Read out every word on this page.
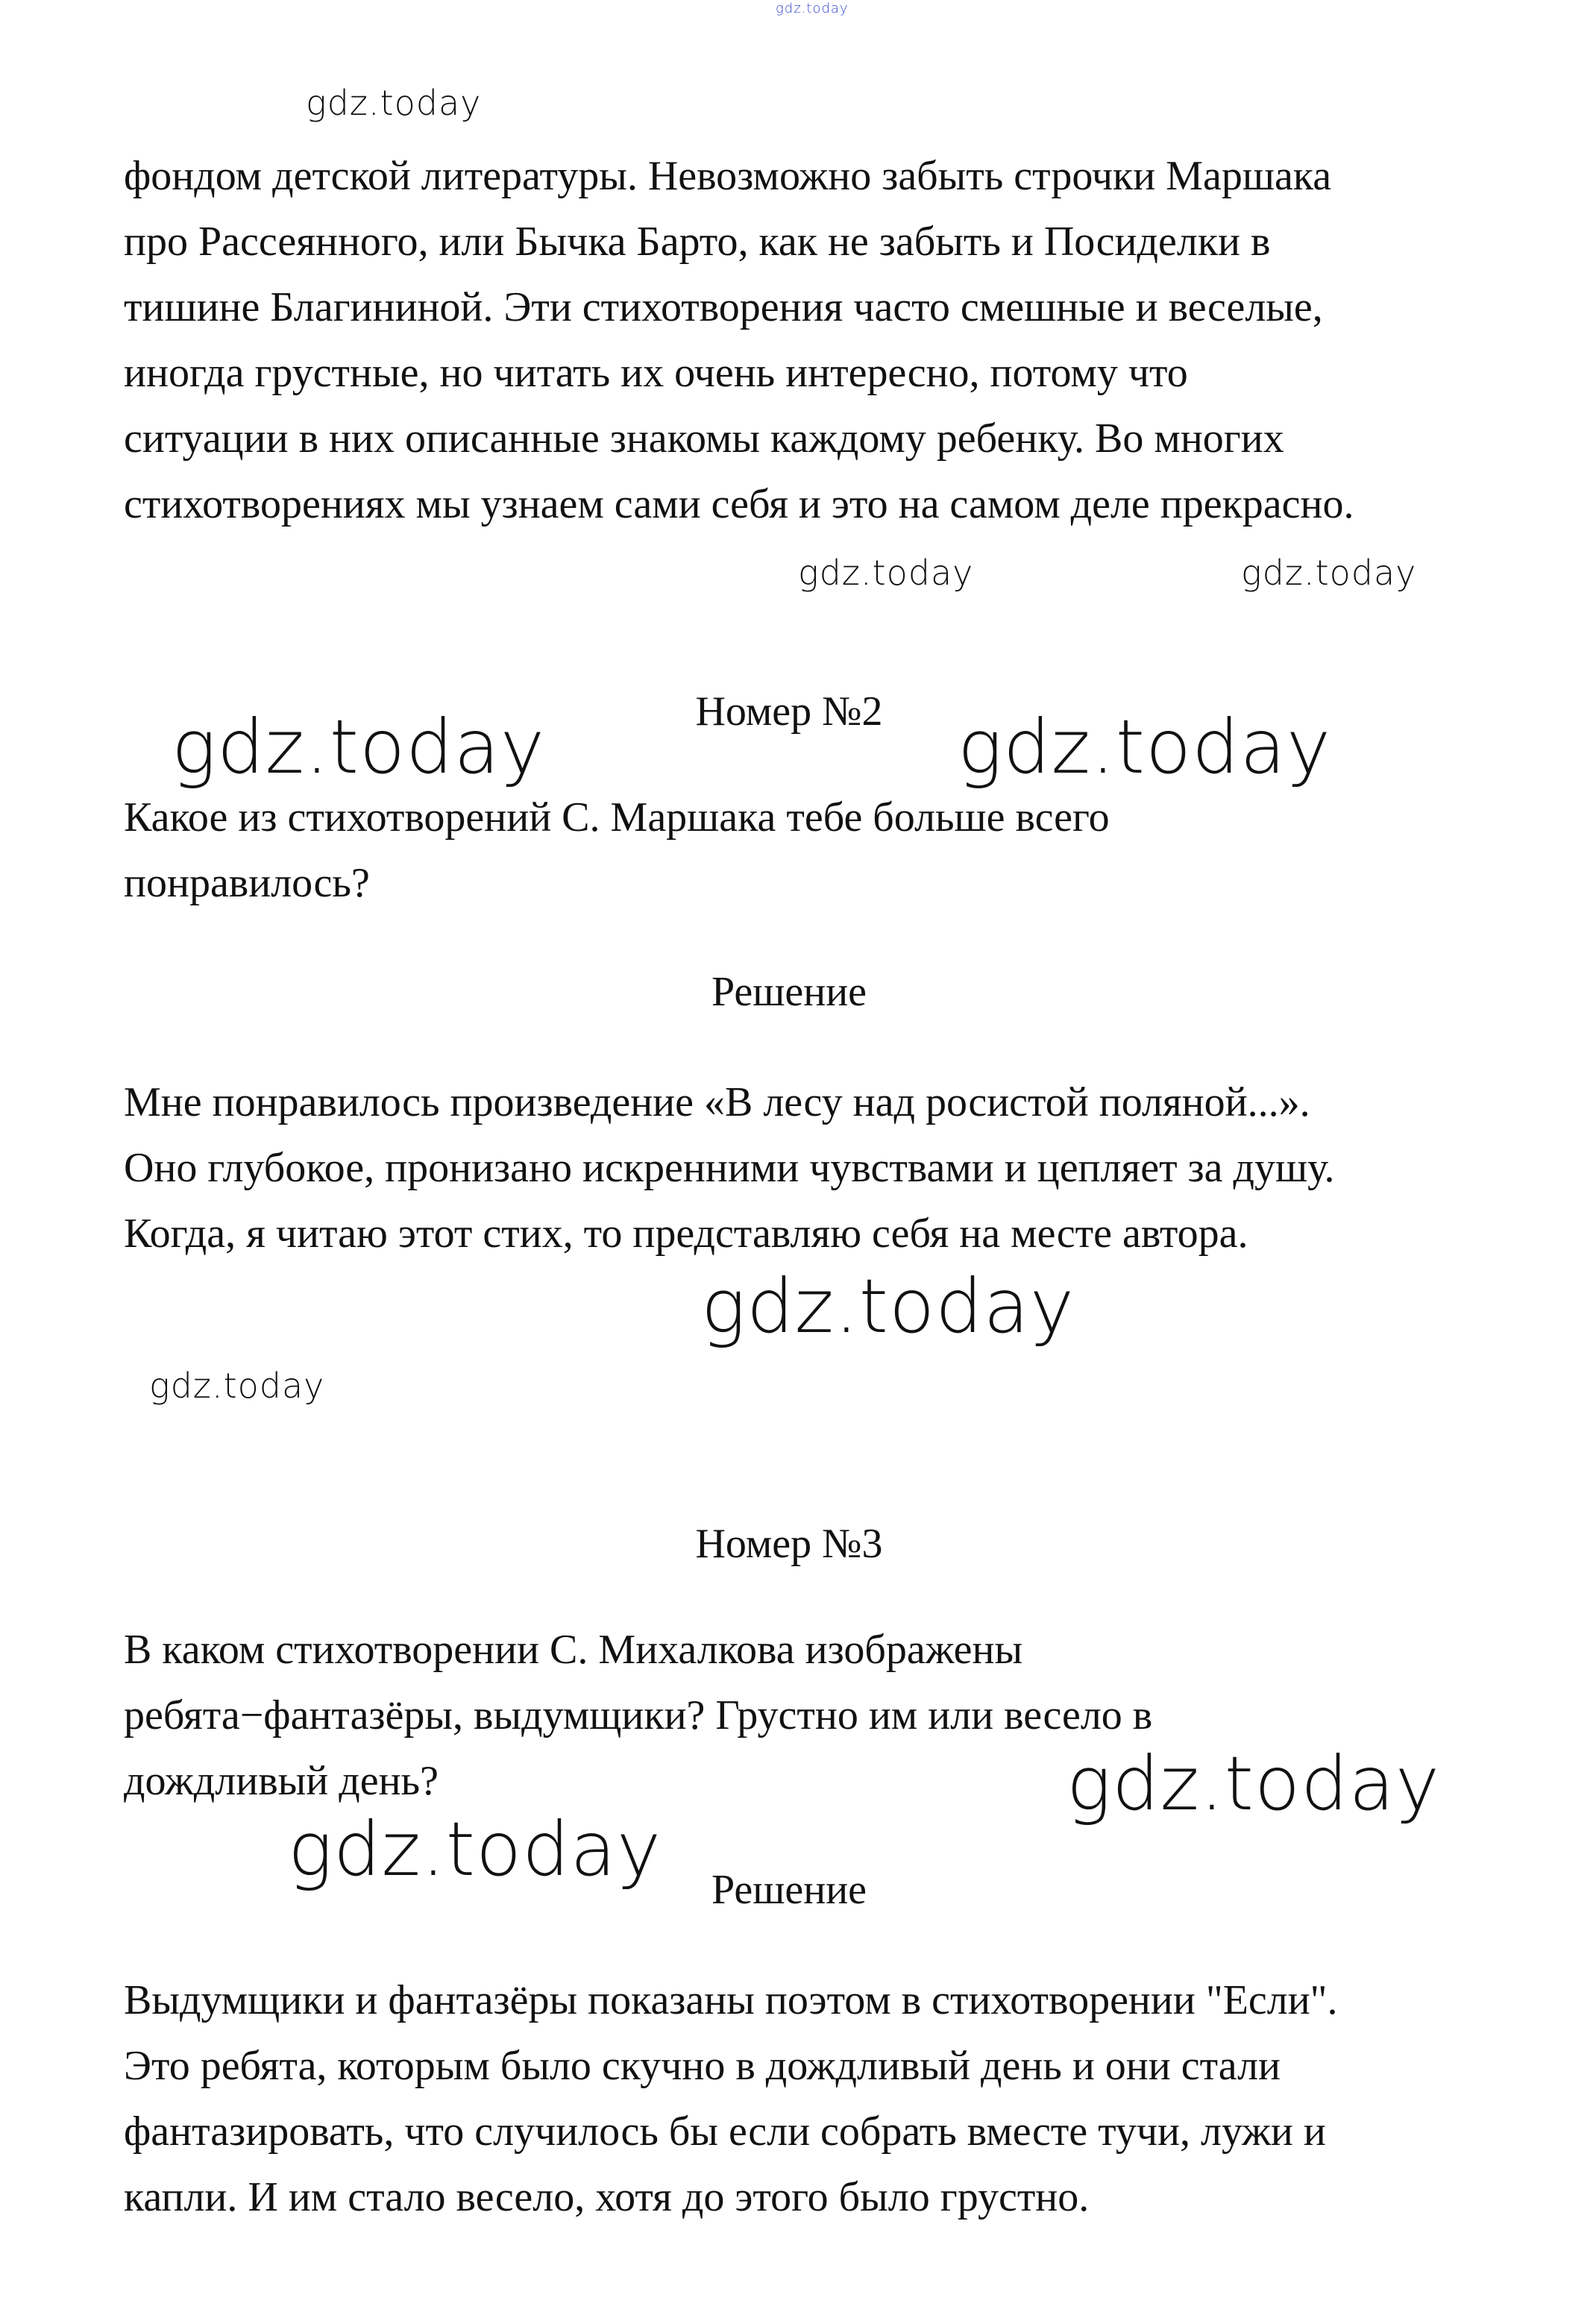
gdz.today
фондом детской литературы. Невозможно забыть строчки Маршака
про Рассеянного, или Бычка Барто, как не забыть и Посиделки в
тишине Благининой. Эти стихотворения часто смешные и веселые,
иногда грустные, но читать их очень интересно, потому что
ситуации в них описанные знакомы каждому ребенку. Во многих
стихотворениях мы узнаем сами себя и это на самом деле прекрасно.
Номер №2
Какое из стихотворений С. Маршака тебе больше всего
понравилось?
Решение
Мне понравилось произведение «В лесу над росистой поляной...».
Оно глубокое, пронизано искренними чувствами и цепляет за душу.
Когда, я читаю этот стих, то представляю себя на месте автора.
Номер №3
В каком стихотворении С. Михалкова изображены
ребята−фантазёры, выдумщики? Грустно им или весело в
дождливый день?
Решение
Выдумщики и фантазёры показаны поэтом в стихотворении "Если".
Это ребята, которым было скучно в дождливый день и они стали
фантазировать, что случилось бы если собрать вместе тучи, лужи и
капли. И им стало весело, хотя до этого было грустно.
gdz.today
gdz.today	gdz.today
gdz.today	gdz.today
gdz.today
gdz.today
gdz.today
gdz.today
